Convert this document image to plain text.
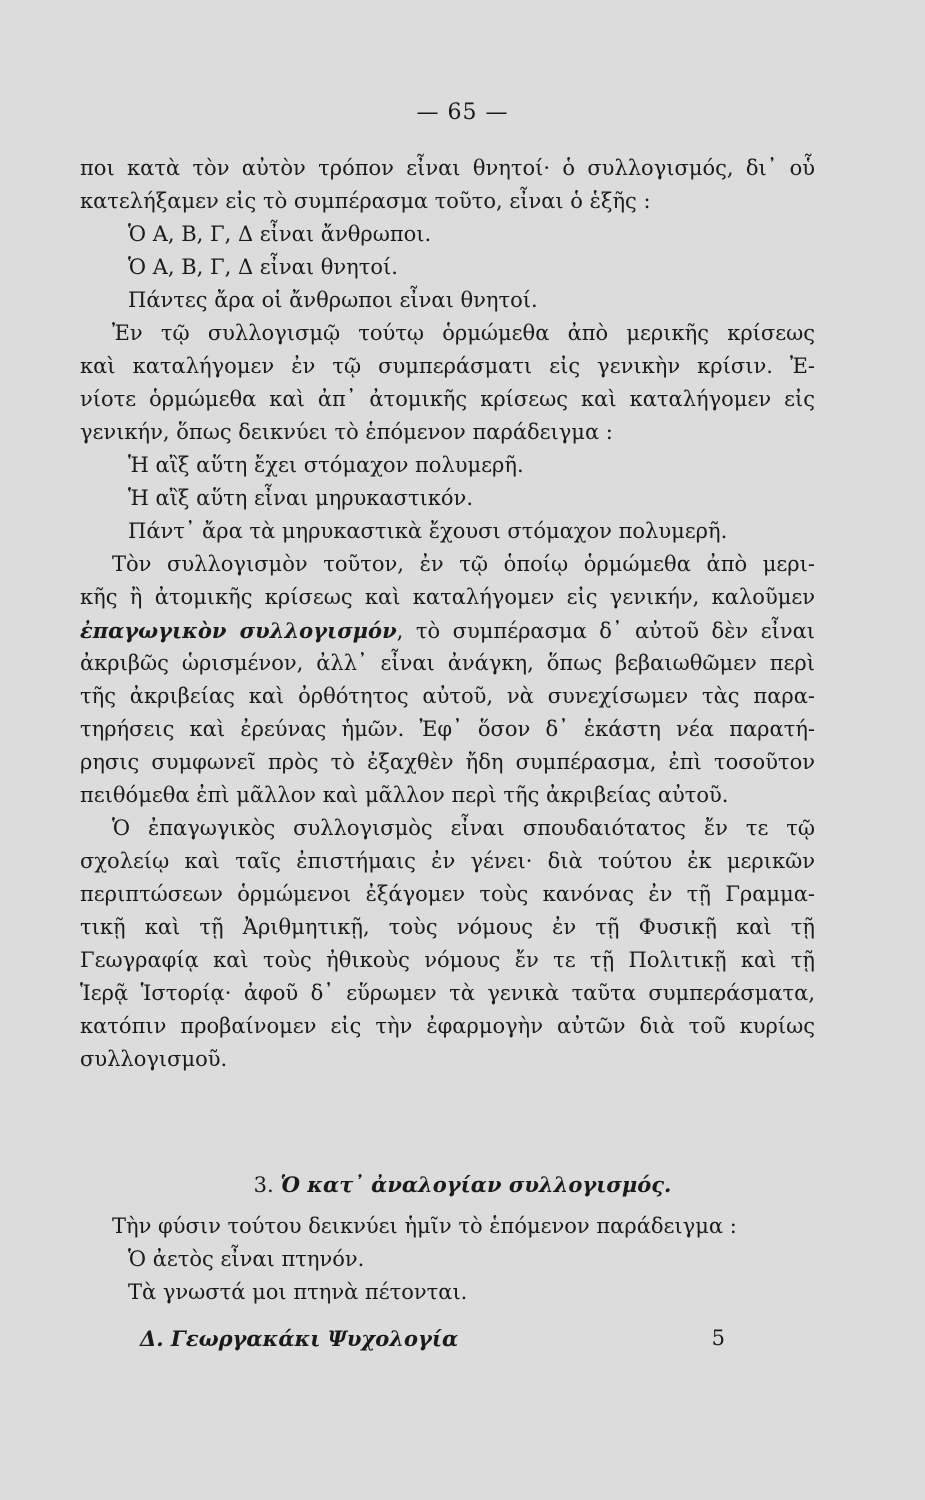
— 65 —
ποι κατὰ τὸν αὐτὸν τρόπον εἶναι θνητοί· ὁ συλλογισμός, δι᾽ οὗ
κατελήξαμεν εἰς τὸ συμπέρασμα τοῦτο, εἶναι ὁ ἑξῆς :
Ὁ Α, Β, Γ, Δ εἶναι ἄνθρωποι.
Ὁ Α, Β, Γ, Δ εἶναι θνητοί.
Πάντες ἄρα οἱ ἄνθρωποι εἶναι θνητοί.
Ἐν τῷ συλλογισμῷ τούτῳ ὁρμώμεθα ἀπὸ μερικῆς κρίσεως
καὶ καταλήγομεν ἐν τῷ συμπεράσματι εἰς γενικὴν κρίσιν. Ἐ-
νίοτε ὁρμώμεθα καὶ ἀπ᾽ ἀτομικῆς κρίσεως καὶ καταλήγομεν εἰς
γενικήν, ὅπως δεικνύει τὸ ἑπόμενον παράδειγμα :
Ἡ αἲξ αὕτη ἔχει στόμαχον πολυμερῆ.
Ἡ αἲξ αὕτη εἶναι μηρυκαστικόν.
Πάντ᾽ ἄρα τὰ μηρυκαστικὰ ἔχουσι στόμαχον πολυμερῆ.
Τὸν συλλογισμὸν τοῦτον, ἐν τῷ ὁποίῳ ὁρμώμεθα ἀπὸ μερι-
κῆς ἢ ἀτομικῆς κρίσεως καὶ καταλήγομεν εἰς γενικήν, καλοῦμεν
ἐπαγωγικὸν συλλογισμόν, τὸ συμπέρασμα δ᾽ αὐτοῦ δὲν εἶναι
ἀκριβῶς ὡρισμένον, ἀλλ᾽ εἶναι ἀνάγκη, ὅπως βεβαιωθῶμεν περὶ
τῆς ἀκριβείας καὶ ὀρθότητος αὐτοῦ, νὰ συνεχίσωμεν τὰς παρα-
τηρήσεις καὶ ἐρεύνας ἡμῶν. Ἐφ᾽ ὅσον δ᾽ ἑκάστη νέα παρατή-
ρησις συμφωνεῖ πρὸς τὸ ἐξαχθὲν ἤδη συμπέρασμα, ἐπὶ τοσοῦτον
πειθόμεθα ἐπὶ μᾶλλον καὶ μᾶλλον περὶ τῆς ἀκριβείας αὐτοῦ.
Ὁ ἐπαγωγικὸς συλλογισμὸς εἶναι σπουδαιότατος ἔν τε τῷ
σχολείῳ καὶ ταῖς ἐπιστήμαις ἐν γένει· διὰ τούτου ἐκ μερικῶν
περιπτώσεων ὁρμώμενοι ἐξάγομεν τοὺς κανόνας ἐν τῇ Γραμμα-
τικῇ καὶ τῇ Ἀριθμητικῇ, τοὺς νόμους ἐν τῇ Φυσικῇ καὶ τῇ
Γεωγραφίᾳ καὶ τοὺς ἠθικοὺς νόμους ἔν τε τῇ Πολιτικῇ καὶ τῇ
Ἱερᾷ Ἱστορίᾳ· ἀφοῦ δ᾽ εὕρωμεν τὰ γενικὰ ταῦτα συμπεράσματα,
κατόπιν προβαίνομεν εἰς τὴν ἐφαρμογὴν αὐτῶν διὰ τοῦ κυρίως
συλλογισμοῦ.
3. Ὁ κατ᾽ ἀναλογίαν συλλογισμός.
Τὴν φύσιν τούτου δεικνύει ἡμῖν τὸ ἑπόμενον παράδειγμα :
Ὁ ἀετὸς εἶναι πτηνόν.
Τὰ γνωστά μοι πτηνὰ πέτονται.
Δ. Γεωργακάκι Ψυχολογία	5
